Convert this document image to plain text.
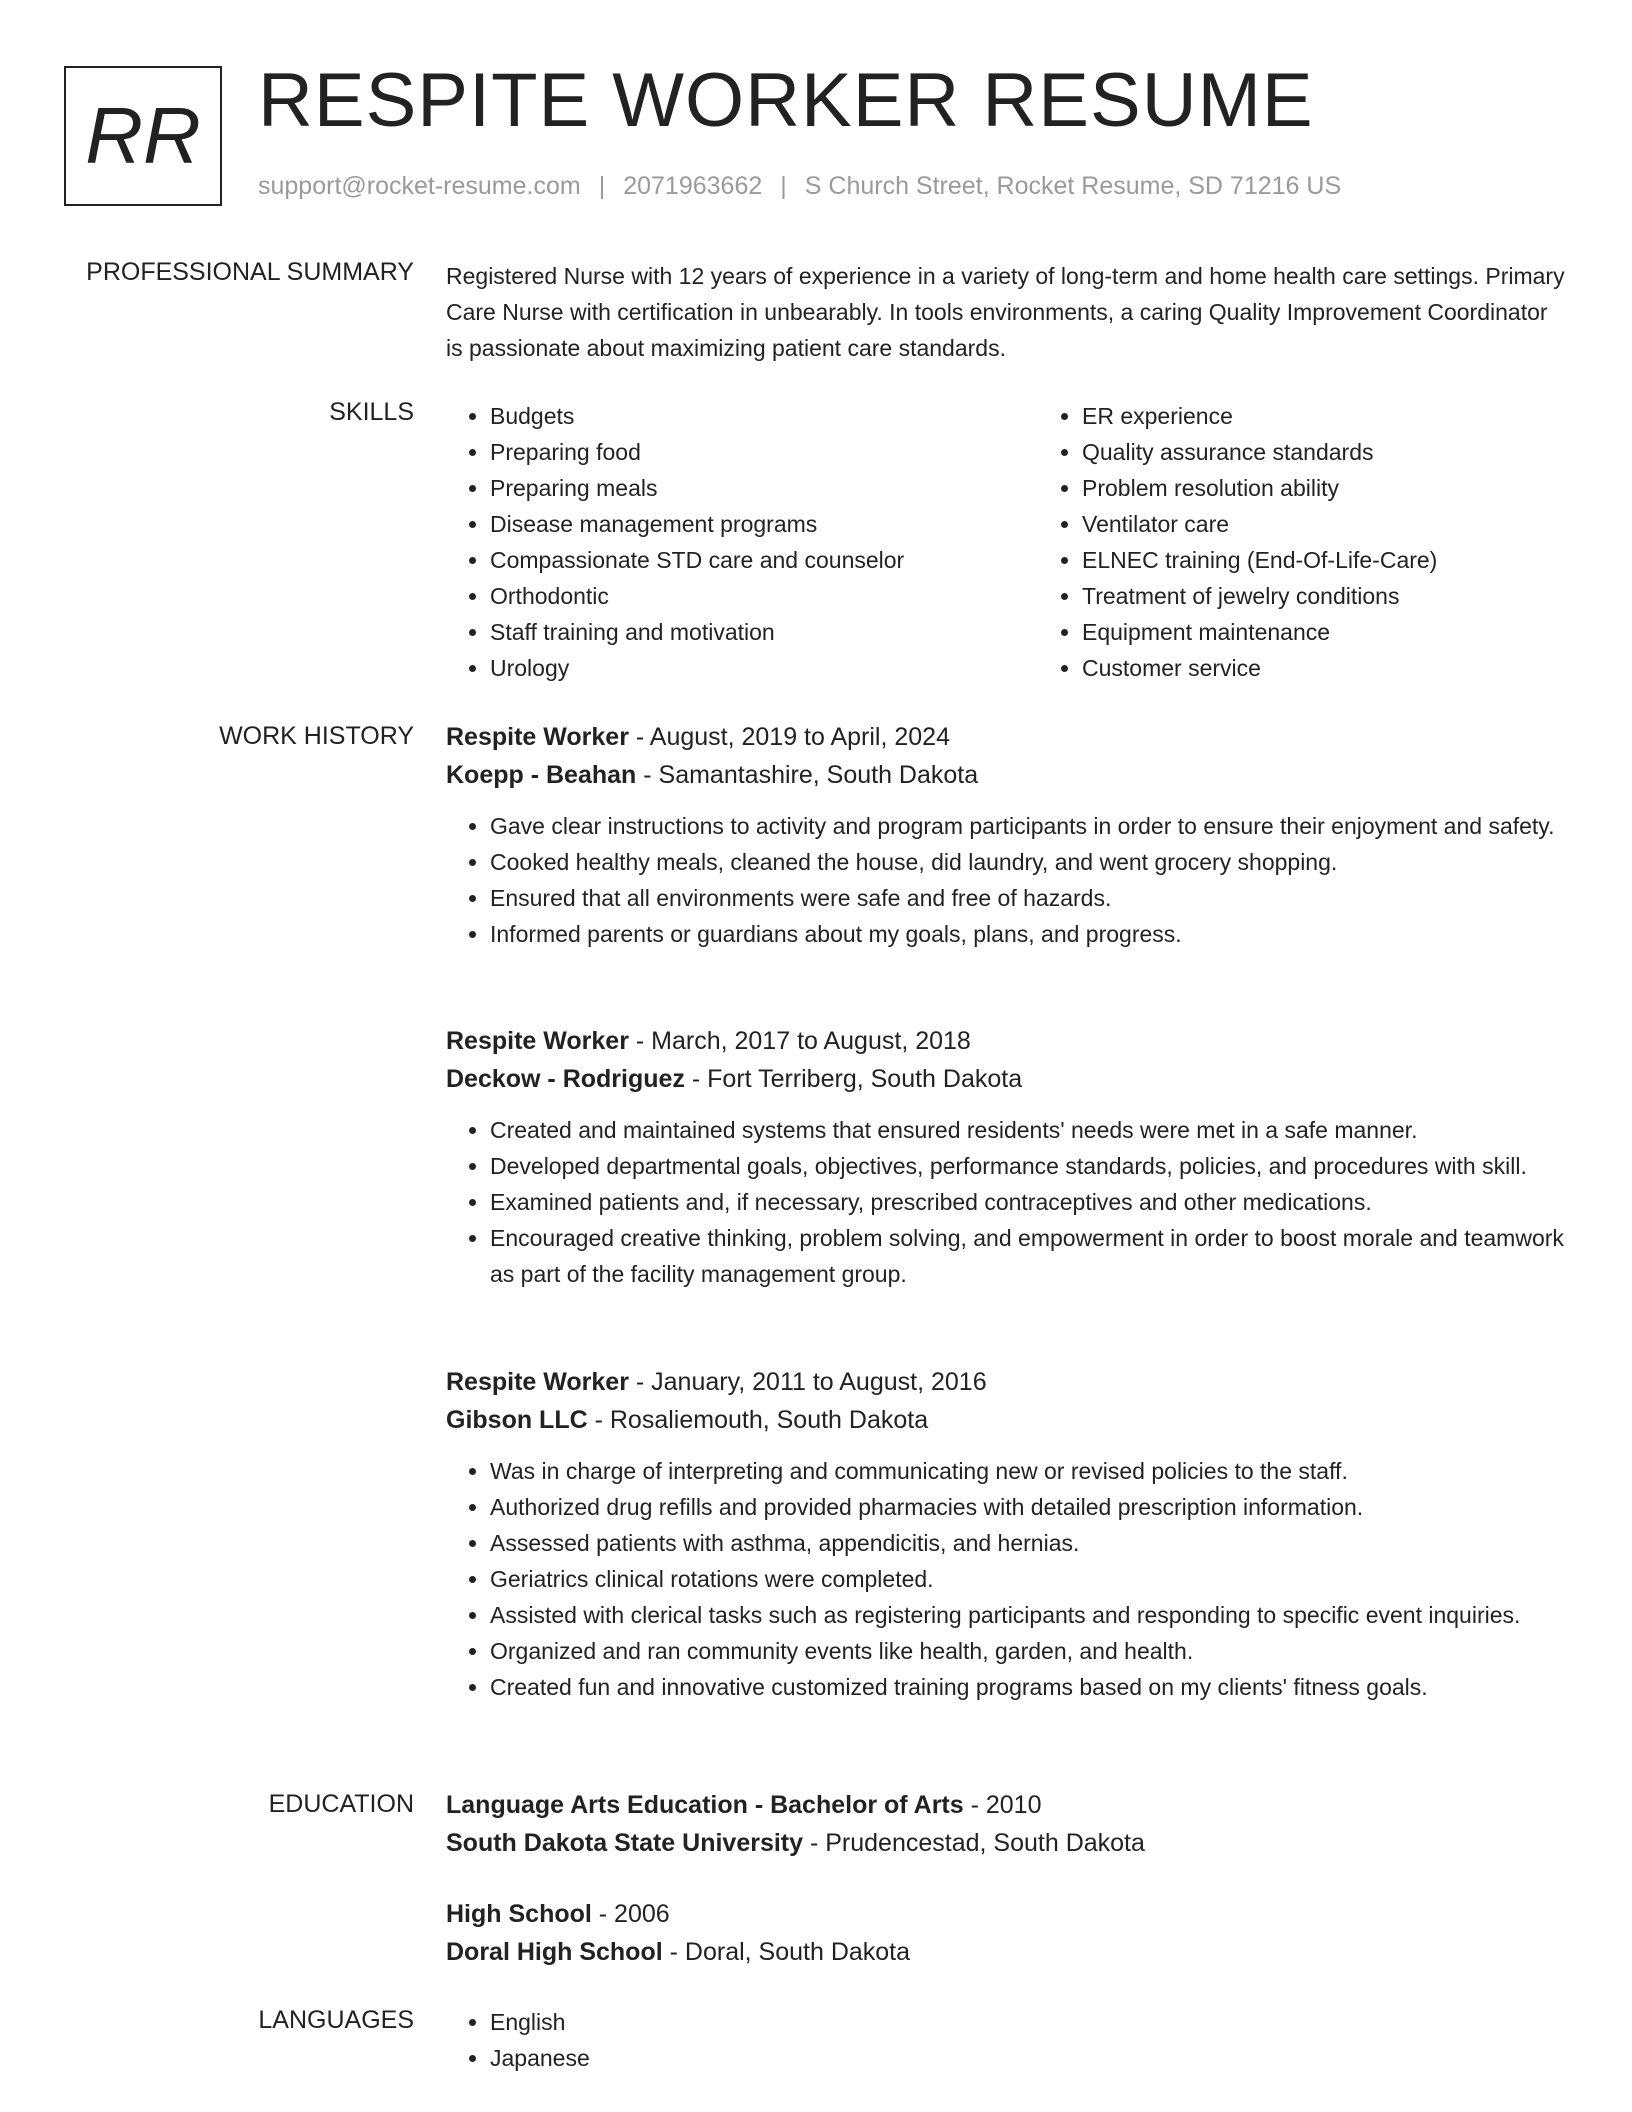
RR RESPITE WORKER RESUME
support@rocket-resume.com | 2071963662 | S Church Street, Rocket Resume, SD 71216 US
PROFESSIONAL SUMMARY Registered Nurse with 12 years of experience in a variety of long-term and home health care settings. Primary Care Nurse with certification in unbearably. In tools environments, a caring Quality Improvement Coordinator is passionate about maximizing patient care standards.
SKILLS	• Budgets
• Preparing food
• Preparing meals
• Disease management programs
• Compassionate STD care and counselor
• Orthodontic
• Staff training and motivation
• Urology
• ER experience
• Quality assurance standards
• Problem resolution ability
• Ventilator care
• ELNEC training (End-Of-Life-Care)
• Treatment of jewelry conditions
• Equipment maintenance
• Customer service
WORK HISTORY Respite Worker - August, 2019 to April, 2024
Koepp - Beahan - Samantashire, South Dakota
• Gave clear instructions to activity and program participants in order to ensure their enjoyment and safety.
• Cooked healthy meals, cleaned the house, did laundry, and went grocery shopping.
• Ensured that all environments were safe and free of hazards.
• Informed parents or guardians about my goals, plans, and progress.
Respite Worker - March, 2017 to August, 2018
Deckow - Rodriguez - Fort Terriberg, South Dakota
• Created and maintained systems that ensured residents' needs were met in a safe manner.
• Developed departmental goals, objectives, performance standards, policies, and procedures with skill.
• Examined patients and, if necessary, prescribed contraceptives and other medications.
• Encouraged creative thinking, problem solving, and empowerment in order to boost morale and teamwork as part of the facility management group.
Respite Worker - January, 2011 to August, 2016
Gibson LLC - Rosaliemouth, South Dakota
• Was in charge of interpreting and communicating new or revised policies to the staff.
• Authorized drug refills and provided pharmacies with detailed prescription information.
• Assessed patients with asthma, appendicitis, and hernias.
• Geriatrics clinical rotations were completed.
• Assisted with clerical tasks such as registering participants and responding to specific event inquiries.
• Organized and ran community events like health, garden, and health.
• Created fun and innovative customized training programs based on my clients' fitness goals.
EDUCATION Language Arts Education - Bachelor of Arts - 2010
South Dakota State University - Prudencestad, South Dakota
High School - 2006
Doral High School - Doral, South Dakota
LANGUAGES	• English
• Japanese
